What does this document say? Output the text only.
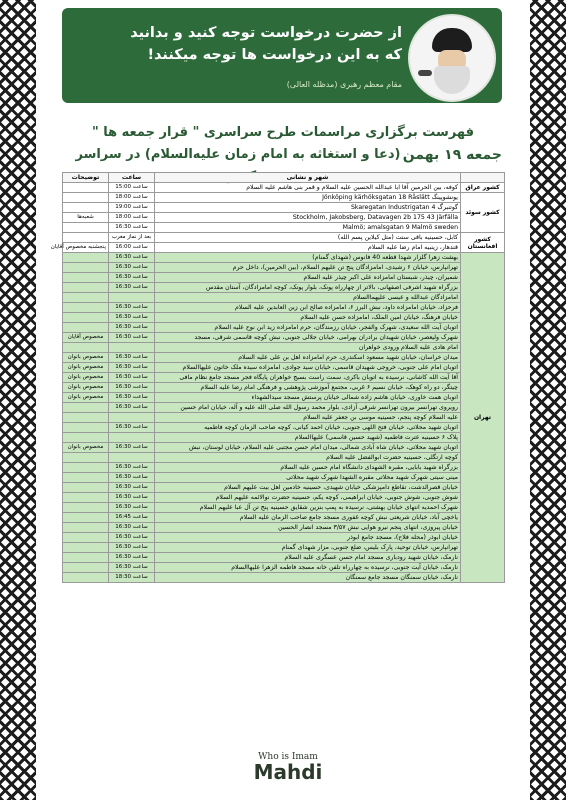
از حضرت درخواست توجه کنید و بدانید
که به این درخواست ها توجه میکنند!
مقام معظم رهبری (مدظله العالی)
فهرست برگزاری مراسمات طرح سراسری " قرار جمعه ها "
(دعا و استغاثه به امام زمان علیه‌السلام) در سراسر	جمعه ۱۹ بهمن
	شهر و نشانی	ساعت	توضیحات
کشور عراق	کوفه، بین الحرمین آقا ابا عبدالله الحسین علیه السلام و قمر بنی هاشم علیه السلام	ساعت 15:00	
کشور سوئد	یونشوپینگ Jönköping kärhöksgatan 18 Råslätt	ساعت 18:00	
	گوتنبرگ Skaregatan Industrigatan 4	ساعت 19:00	
	Stockholm, Jakobsberg, Datavagen 2b 175 43 Järfälla	ساعت 18:00	شعبه‌ها
	Malmö; amalsgatan 9 Malmö sweden	ساعت 16:30	
کشور افغانستان	کابل، حسینیه باقی سنت (متل کیلاین پسم الله)	بعد از نماز مغرب	
	قندهار، زینبیه امام رضا علیه السلام	ساعت 16:00	پنجشنبه مخصوص آقایان
تهران	بهشت زهرا گلزار شهدا قطعه 40 فانوس (شهدای گمنام)	ساعت 16:30	
	تهرانپارس، خیابان ۶ رشیدی، امامزادگان پنج تن علیهم السلام، (بین الحرمین)، داخل حرم	ساعت 16:30	
	شمیران، چیذر، شبستان امامزاده علی اکبر چیذر علیه السلام	ساعت 16:30	
	بزرگراه شهید اشرفی اصفهانی، بالاتر از چهارراه پونک، بلوار پونک، کوچه امامزادگان، آستان مقدس	ساعت 16:30	
	امامزادگان عبدالله و عیسی علیهماالسلام		
	فرحزاد، خیابان امامزاده داود، نبش البرز ۶، امامزاده صالح ابن زین العابدین علیه السلام	ساعت 16:30	
	خیابان فرهنگ، خیابان امین الملک، امامزاده حسن علیه السلام	ساعت 16:30	
	اتوبان آیت الله سعیدی، شهرک والفجر، خیابان رزمندگان، حرم امامزاده زید ابن نوح علیه السلام	ساعت 16:30	
	شهرک ولیعصر، خیابان شهیدان برادران بهرامی، خیابان جلالی جنوبی، نبش کوچه قاسمی شرقی، مسجد	ساعت 16:30	مخصوص آقایان
	امام هادی علیه السلام ورودی خواهران		
	میدان خراسان، خیابان شهید مسعود اسکندری، حرم امامزاده اهل بن علی علیه السلام	ساعت 16:30	مخصوص بانوان
	اتوبان امام علی جنوبی، خروجی شهیدان قاسمی، خیابان سید جوادی، امامزاده سیده ملک خاتون علیهاالسلام	ساعت 16:30	مخصوص بانوان
	آقا آیت الله کاشانی، نرسیده به اتوبان باکری، سمت راست بسیج خواهران پایگاه فجر مسجد جامع نظام مافی	ساعت 16:30	مخصوص بانوان
	چیتگر، دو راه کوهک، خیابان نسیم ۶ غربی، مجتمع آموزشی پژوهشی و فرهنگی امام رضا علیه السلام	ساعت 16:30	مخصوص بانوان
	اتوبان همت خاوری، خیابان هاشم زاده شمالی خیابان پرستش مسجد سیدالشهداء	ساعت 16:30	مخصوص بانوان
	رویروی تهرانسر بیرون تهرانسر شرقی آزادی، بلوار محمد رسول الله صلی الله علیه و آله، خیابان امام حسین	ساعت 16:30	
	علیه السلام کوچه پنجم، حسینیه موسی بن جعفر علیه السلام		
	اتوبان شهید محلاتی، خیابان فتح اللهی جنوبی، خیابان احمد کیانی، کوچه صاحب الزمان کوچه فاطمیه	ساعت 16:30	
	پلاک ۶ حسینیه عترت فاطمیه (شهید حسین قاسمی) علیهاالسلام		
	اتوبان شهید محلاتی، خیابان شاه آبادی شمالی، میدان امام حسن مجتبی علیه السلام، خیابان لوستان، نبش	ساعت 16:30	مخصوص بانوان
	کوچه ارتگلی، حسینیه حضرت ابوالفضل علیه السلام		
	بزرگراه شهید بابایی، مقبره الشهدای دانشگاه امام حسین علیه السلام	ساعت 16:30	
	مینی سیتی شهرک شهید محلاتی مقبره الشهدا شهرک شهید محلاتی	ساعت 16:30	
	خیابان قصرالدشت، تقاطع دامپزشکی خیابان شهیدی، حسینیه خادمین اهل بیت علیهم السلام	ساعت 16:30	
	شوش جنوبی، شوش جنوبی، خیابان ابراهیمی، کوچه یکم، حسینیه حضرت نوالائمه علیهم السلام	ساعت 16:30	
	شهرک احمدیه انتهای خیابان بهشتی، نرسیده به پمپ بنزین شقایق حسینیه پنج تن آل عبا علیهم السلام	ساعت 16:30	
	یاخچی آباد، خیابان شریعتی نبش کوچه غفوری مسجد جامع صاحب الزمان علیه السلام	ساعت 16:45	
	خیابان پیروزی، انتهای پنجم نیرو هوایی نبش ۳/۵۷ مسجد انصار الحسین	ساعت 16:30	
	خیابان ابوذر (محله فلاح)، مسجد جامع ابوذر	ساعت 16:30	
	تهرانپارس، خیابان توحید، پارک بلیس، ضلع جنوبی، مزار شهدای گمنام	ساعت 16:30	
	نارمک، خیابان شهید رودباری مسجد امام حسن عسگری علیه السلام	ساعت 16:30	
	نارمک، خیابان آیت جنوبی، نرسیده به چهارراه تلفن خانه مسجد فاطمه الزهرا علیهاالسلام	ساعت 16:30	
	نارمک، خیابان سمنگان مسجد جامع سمنگان	ساعت 18:30	
Who is Imam
Mahdi
